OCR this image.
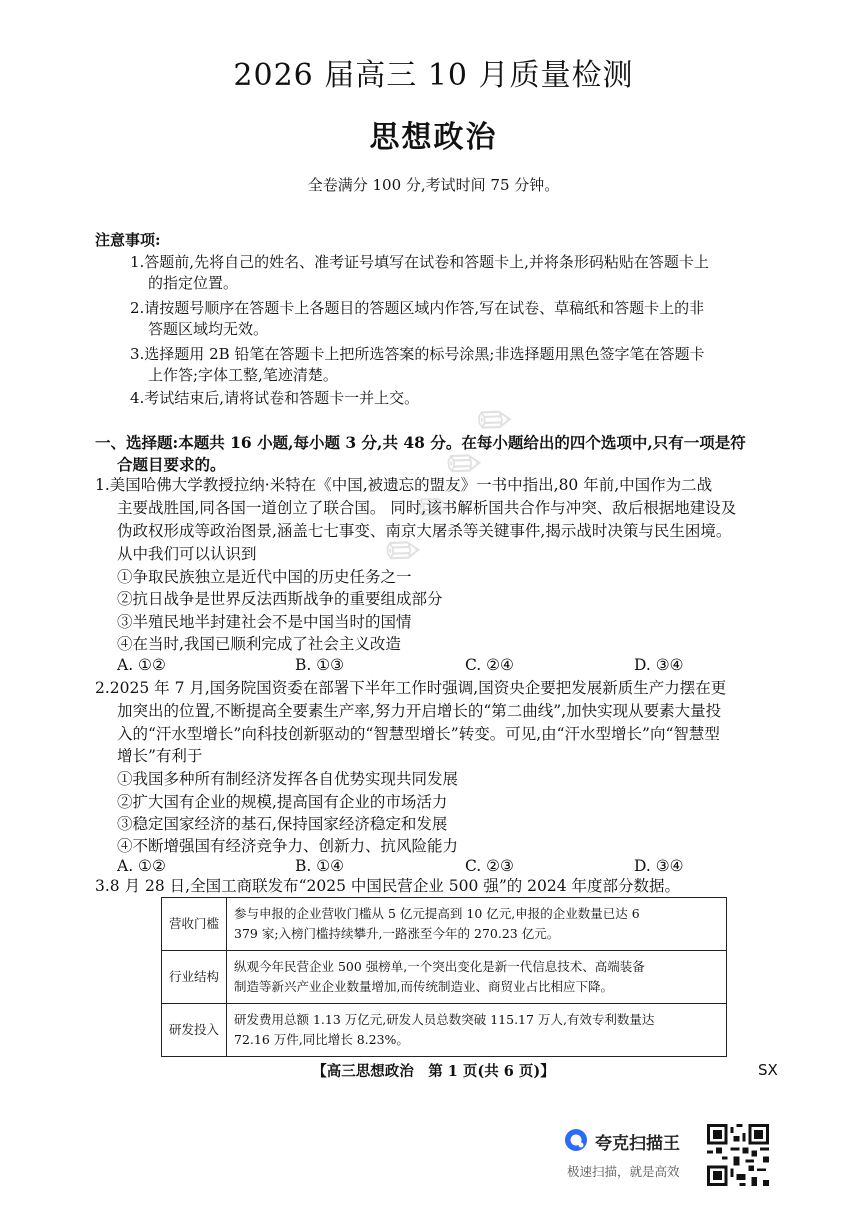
2026 届高三 10 月质量检测
思想政治
全卷满分 100 分,考试时间 75 分钟。
注意事项:
1.答题前,先将自己的姓名、准考证号填写在试卷和答题卡上,并将条形码粘贴在答题卡上
的指定位置。
2.请按题号顺序在答题卡上各题目的答题区域内作答,写在试卷、草稿纸和答题卡上的非
答题区域均无效。
3.选择题用 2B 铅笔在答题卡上把所选答案的标号涂黑;非选择题用黑色签字笔在答题卡
上作答;字体工整,笔迹清楚。
4.考试结束后,请将试卷和答题卡一并上交。
一、选择题:本题共 16 小题,每小题 3 分,共 48 分。在每小题给出的四个选项中,只有一项是符
合题目要求的。
1.美国哈佛大学教授拉纳·米特在《中国,被遗忘的盟友》一书中指出,80 年前,中国作为二战
主要战胜国,同各国一道创立了联合国。 同时,该书解析国共合作与冲突、敌后根据地建设及
伪政权形成等政治图景,涵盖七七事变、南京大屠杀等关键事件,揭示战时决策与民生困境。
从中我们可以认识到
①争取民族独立是近代中国的历史任务之一
②抗日战争是世界反法西斯战争的重要组成部分
③半殖民地半封建社会不是中国当时的国情
④在当时,我国已顺利完成了社会主义改造
A. ①②	B. ①③	C. ②④	D. ③④
2.2025 年 7 月,国务院国资委在部署下半年工作时强调,国资央企要把发展新质生产力摆在更
加突出的位置,不断提高全要素生产率,努力开启增长的“第二曲线”,加快实现从要素大量投
入的“汗水型增长”向科技创新驱动的“智慧型增长”转变。可见,由“汗水型增长”向“智慧型
增长”有利于
①我国多种所有制经济发挥各自优势实现共同发展
②扩大国有企业的规模,提高国有企业的市场活力
③稳定国家经济的基石,保持国家经济稳定和发展
④不断增强国有经济竞争力、创新力、抗风险能力
A. ①②	B. ①④	C. ②③	D. ③④
3.8 月 28 日,全国工商联发布“2025 中国民营企业 500 强”的 2024 年度部分数据。
营收门槛	参与申报的企业营收门槛从 5 亿元提高到 10 亿元,申报的企业数量已达 6
379 家;入榜门槛持续攀升,一路涨至今年的 270.23 亿元。
行业结构	纵观今年民营企业 500 强榜单,一个突出变化是新一代信息技术、高端装备
制造等新兴产业企业数量增加,而传统制造业、商贸业占比相应下降。
研发投入	研发费用总额 1.13 万亿元,研发人员总数突破 115.17 万人,有效专利数量达
72.16 万件,同比增长 8.23%。
【高三思想政治　第 1 页(共 6 页)】	SX
✎ ✎ ✎ ✎
夸克扫描王
极速扫描，就是高效
